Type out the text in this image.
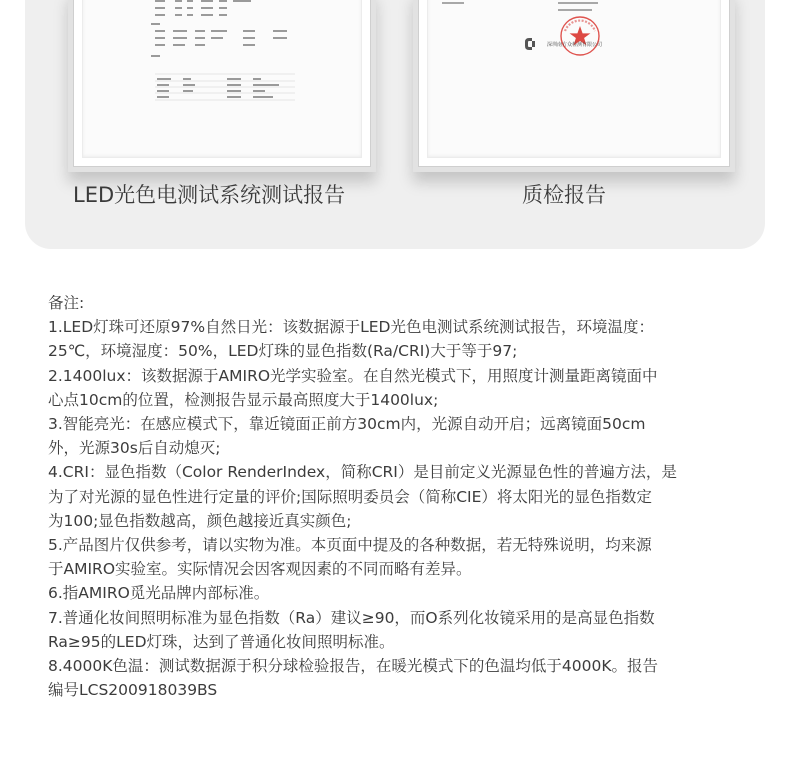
深圳南方众检测有限公司
LED光色电测试系统测试报告	质检报告

备注:

1.LED灯珠可还原97%自然日光：该数据源于LED光色电测试系统测试报告，环境温度：

25℃，环境湿度：50%，LED灯珠的显色指数(Ra/CRI)大于等于97;

2.1400lux：该数据源于AMIRO光学实验室。在自然光模式下，用照度计测量距离镜面中

心点10cm的位置，检测报告显示最高照度大于1400lux;

3.智能亮光：在感应模式下，靠近镜面正前方30cm内，光源自动开启；远离镜面50cm

外，光源30s后自动熄灭;

4.CRI：显色指数（Color RenderIndex，简称CRI）是目前定义光源显色性的普遍方法，是

为了对光源的显色性进行定量的评价;国际照明委员会（简称CIE）将太阳光的显色指数定

为100;显色指数越高，颜色越接近真实颜色;

5.产品图片仅供参考，请以实物为准。本页面中提及的各种数据，若无特殊说明，均来源

于AMIRO实验室。实际情况会因客观因素的不同而略有差异。

6.指AMIRO觅光品牌内部标准。

7.普通化妆间照明标准为显色指数（Ra）建议≥90，而O系列化妆镜采用的是高显色指数

Ra≥95的LED灯珠，达到了普通化妆间照明标准。

8.4000K色温：测试数据源于积分球检验报告，在暖光模式下的色温均低于4000K。报告

编号LCS200918039BS
